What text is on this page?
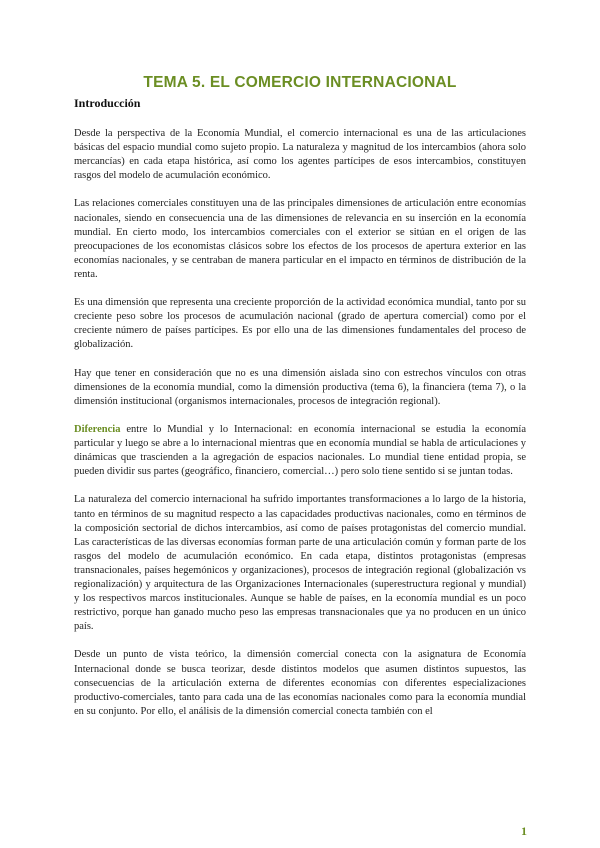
TEMA 5. EL COMERCIO INTERNACIONAL
Introducción

Desde la perspectiva de la Economía Mundial, el comercio internacional es una de las articulaciones básicas del espacio mundial como sujeto propio. La naturaleza y magnitud de los intercambios (ahora solo mercancías) en cada etapa histórica, así como los agentes partícipes de esos intercambios, constituyen rasgos del modelo de acumulación económico.

Las relaciones comerciales constituyen una de las principales dimensiones de articulación entre economías nacionales, siendo en consecuencia una de las dimensiones de relevancia en su inserción en la economía mundial. En cierto modo, los intercambios comerciales con el exterior se sitúan en el origen de las preocupaciones de los economistas clásicos sobre los efectos de los procesos de apertura exterior en las economías nacionales, y se centraban de manera particular en el impacto en términos de distribución de la renta.

Es una dimensión que representa una creciente proporción de la actividad económica mundial, tanto por su creciente peso sobre los procesos de acumulación nacional (grado de apertura comercial) como por el creciente número de países partícipes. Es por ello una de las dimensiones fundamentales del proceso de globalización.

Hay que tener en consideración que no es una dimensión aislada sino con estrechos vínculos con otras dimensiones de la economía mundial, como la dimensión productiva (tema 6), la financiera (tema 7), o la dimensión institucional (organismos internacionales, procesos de integración regional).

Diferencia entre lo Mundial y lo Internacional: en economía internacional se estudia la economía particular y luego se abre a lo internacional mientras que en economía mundial se habla de articulaciones y dinámicas que trascienden a la agregación de espacios nacionales. Lo mundial tiene entidad propia, se pueden dividir sus partes (geográfico, financiero, comercial…) pero solo tiene sentido si se juntan todas.

La naturaleza del comercio internacional ha sufrido importantes transformaciones a lo largo de la historia, tanto en términos de su magnitud respecto a las capacidades productivas nacionales, como en términos de la composición sectorial de dichos intercambios, así como de países protagonistas del comercio mundial. Las características de las diversas economías forman parte de una articulación común y forman parte de los rasgos del modelo de acumulación económico. En cada etapa, distintos protagonistas (empresas transnacionales, países hegemónicos y organizaciones), procesos de integración regional (globalización vs regionalización) y arquitectura de las Organizaciones Internacionales (superestructura regional y mundial) y los respectivos marcos institucionales. Aunque se hable de países, en la economía mundial es un poco restrictivo, porque han ganado mucho peso las empresas transnacionales que ya no producen en un único país.

Desde un punto de vista teórico, la dimensión comercial conecta con la asignatura de Economía Internacional donde se busca teorizar, desde distintos modelos que asumen distintos supuestos, las consecuencias de la articulación externa de diferentes economías con diferentes especializaciones productivo-comerciales, tanto para cada una de las economías nacionales como para la economía mundial en su conjunto. Por ello, el análisis de la dimensión comercial conecta también con el

1
